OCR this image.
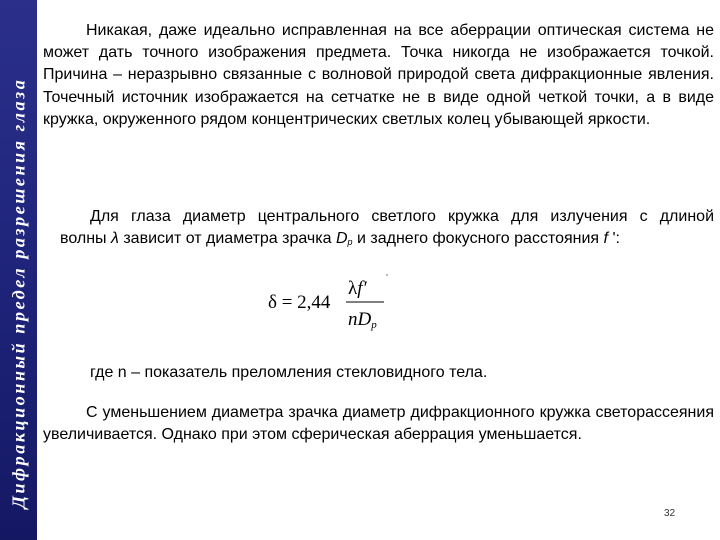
Дифракционный предел разрешения глаза

Никакая, даже идеально исправленная на все аберрации оптическая система не может дать точного изображения предмета. Точка никогда не изображается точкой. Причина – неразрывно связанные с волновой природой света дифракционные явления. Точечный источник изображается на сетчатке не в виде одной четкой точки, а в виде кружка, окруженного рядом концентрических светлых колец убывающей яркости.

Для глаза диаметр центрального светлого кружка для излучения с длиной
волны λ зависит от диаметра зрачка $D_p$ и заднего фокусного расстояния f ':

δ = 2,44
λf′
nDp

где n – показатель преломления стекловидного тела.

С уменьшением диаметра зрачка диаметр дифракционного кружка светорассеяния увеличивается. Однако при этом сферическая аберрация уменьшается.

32
